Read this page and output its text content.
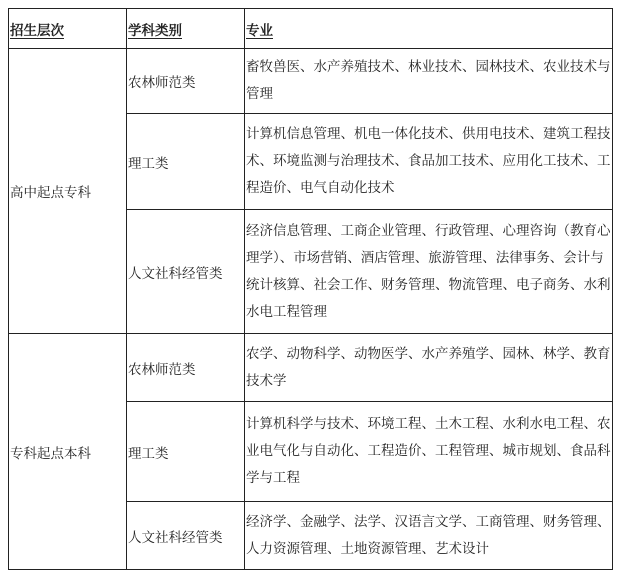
招生层次	学科类别	专业
高中起点专科	农林师范类	畜牧兽医、水产养殖技术、林业技术、园林技术、农业技术与管理
	理工类	计算机信息管理、机电一体化技术、供用电技术、建筑工程技术、环境监测与治理技术、食品加工技术、应用化工技术、工程造价、电气自动化技术
	人文社科经管类	经济信息管理、工商企业管理、行政管理、心理咨询（教育心理学）、市场营销、酒店管理、旅游管理、法律事务、会计与统计核算、社会工作、财务管理、物流管理、电子商务、水利水电工程管理
专科起点本科	农林师范类	农学、动物科学、动物医学、水产养殖学、园林、林学、教育技术学
	理工类	计算机科学与技术、环境工程、土木工程、水利水电工程、农业电气化与自动化、工程造价、工程管理、城市规划、食品科学与工程
	人文社科经管类	经济学、金融学、法学、汉语言文学、工商管理、财务管理、人力资源管理、土地资源管理、艺术设计
